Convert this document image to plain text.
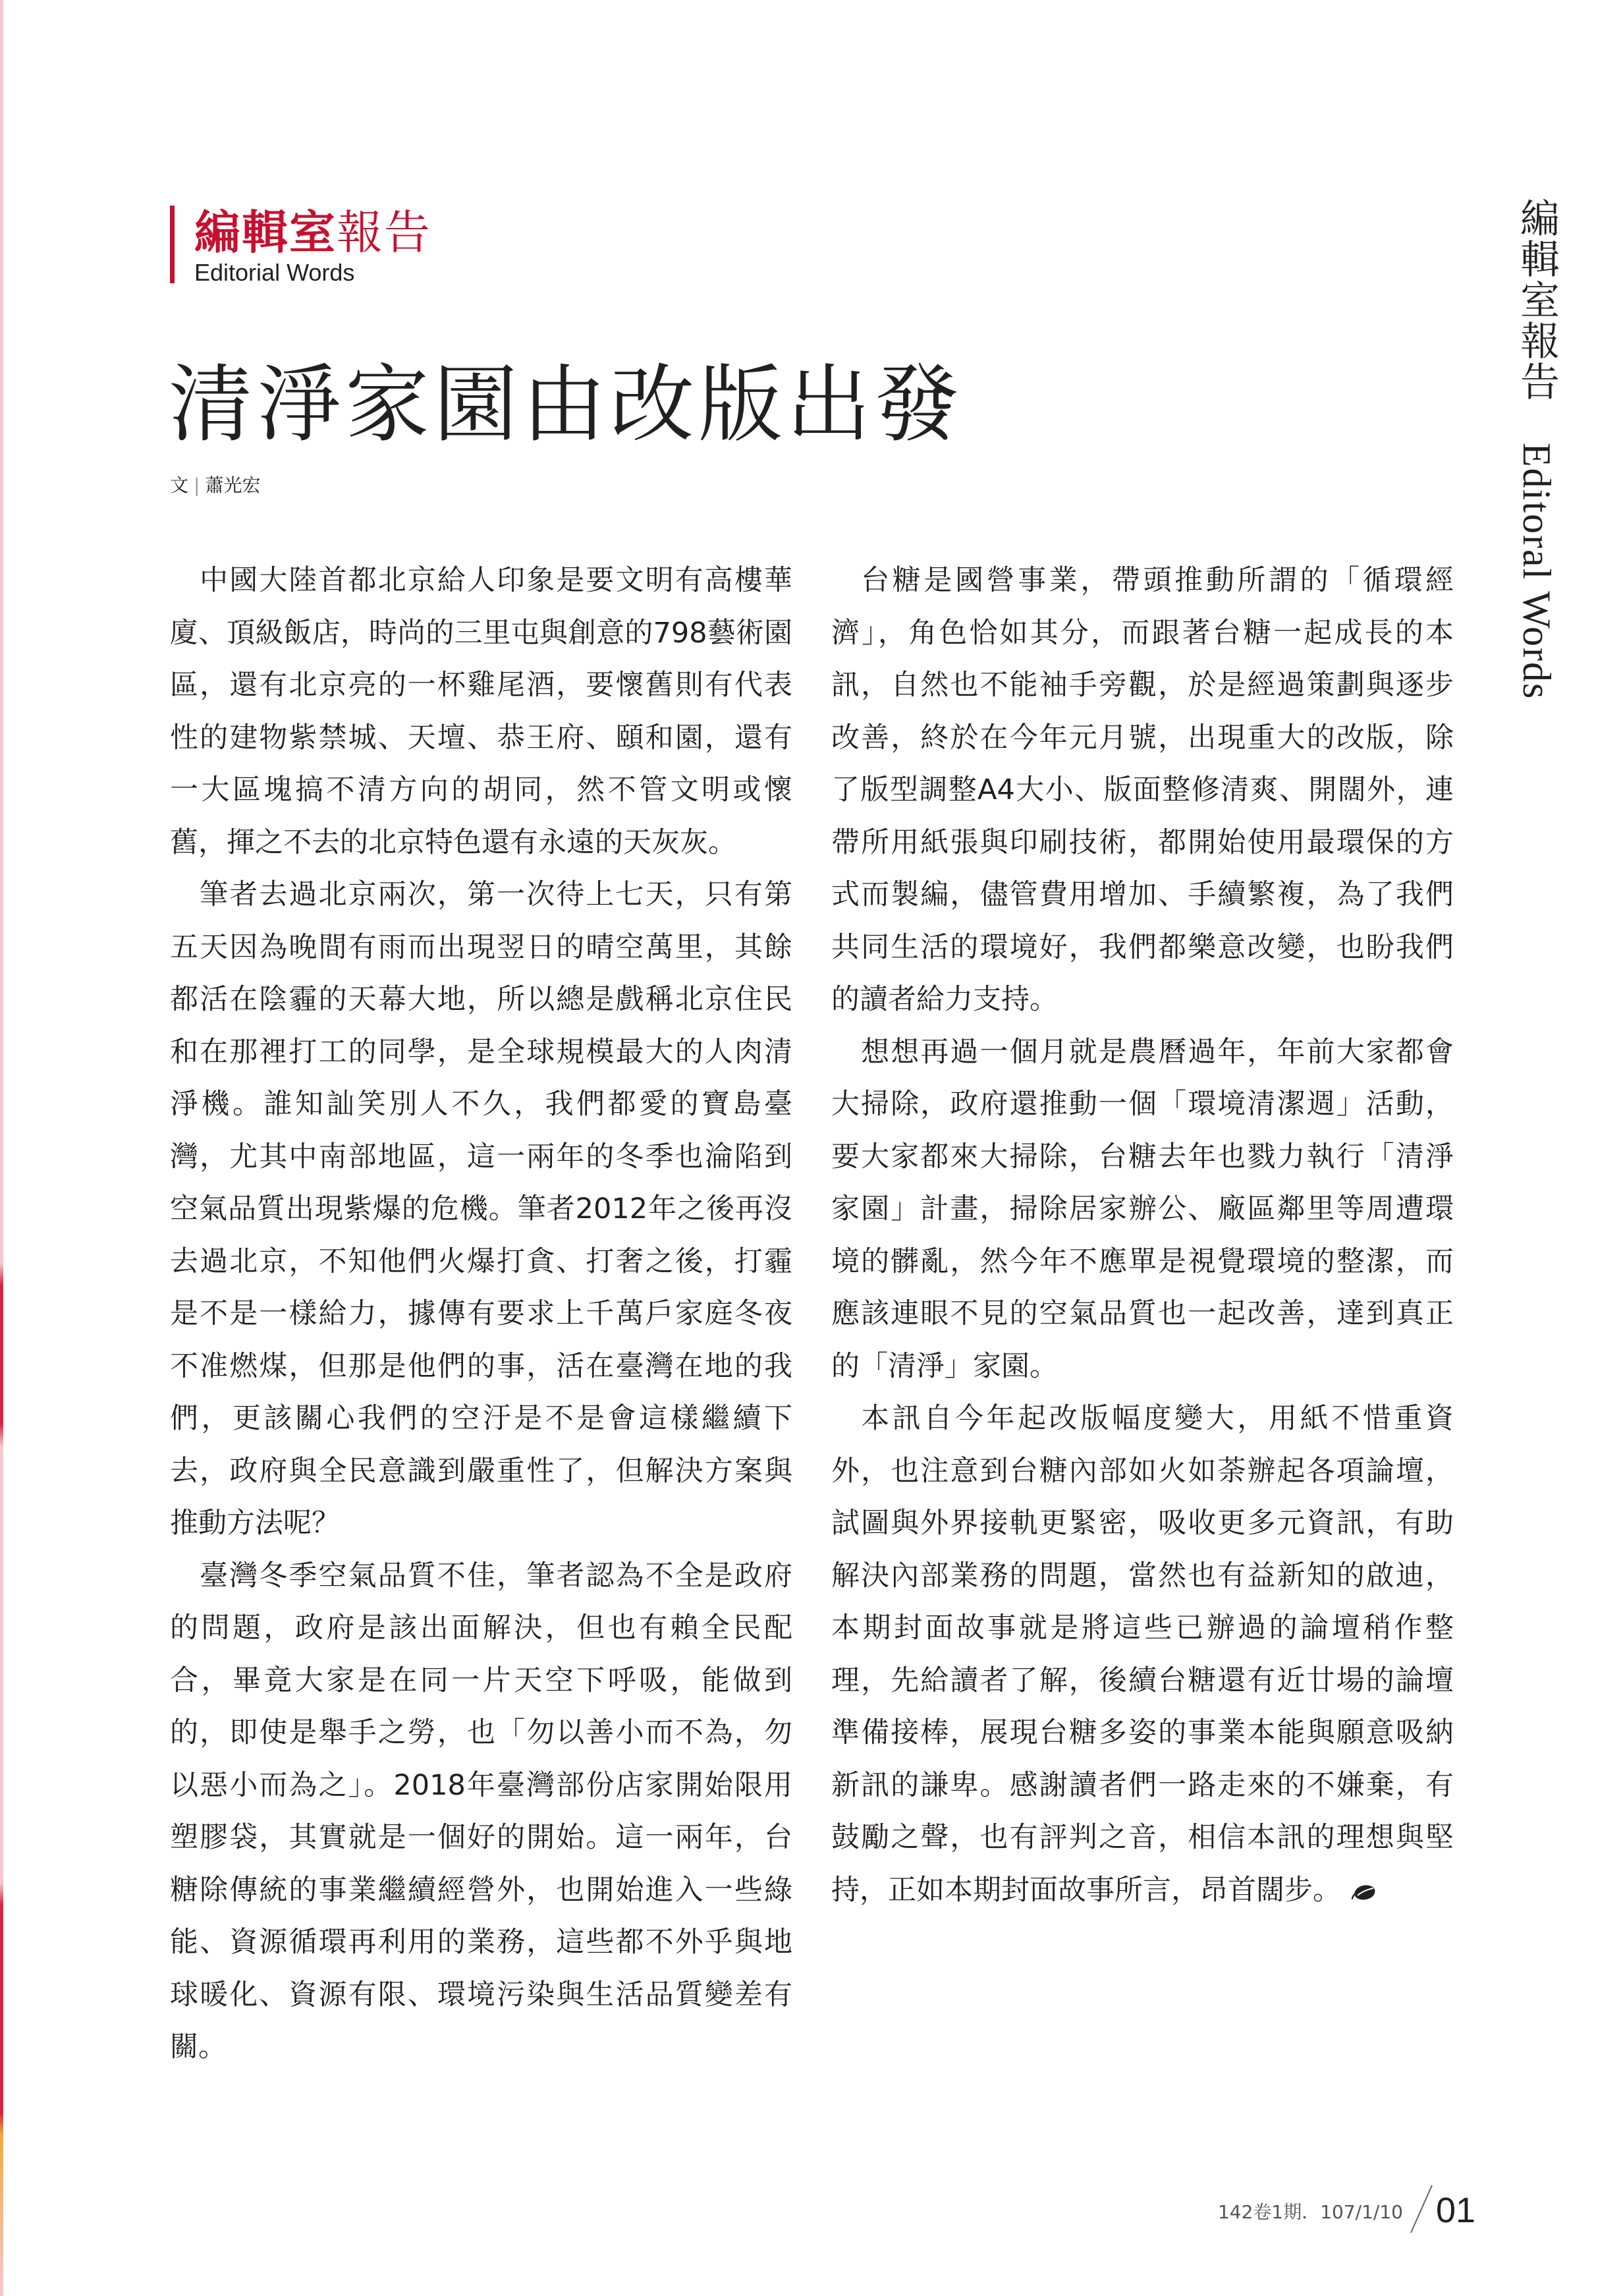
編輯室報告
Editorial Words
清淨家園由改版出發
文 | 蕭光宏

中國大陸首都北京給人印象是要文明有高樓華廈、頂級飯店，時尚的三里屯與創意的798藝術園區，還有北京亮的一杯雞尾酒，要懷舊則有代表性的建物紫禁城、天壇、恭王府、頤和園，還有一大區塊搞不清方向的胡同，然不管文明或懷舊，揮之不去的北京特色還有永遠的天灰灰。

筆者去過北京兩次，第一次待上七天，只有第五天因為晚間有雨而出現翌日的晴空萬里，其餘都活在陰霾的天幕大地，所以總是戲稱北京住民和在那裡打工的同學，是全球規模最大的人肉清淨機。誰知訕笑別人不久，我們都愛的寶島臺灣，尤其中南部地區，這一兩年的冬季也淪陷到空氣品質出現紫爆的危機。筆者2012年之後再沒去過北京，不知他們火爆打貪、打奢之後，打霾是不是一樣給力，據傳有要求上千萬戶家庭冬夜不准燃煤，但那是他們的事，活在臺灣在地的我們，更該關心我們的空汙是不是會這樣繼續下去，政府與全民意識到嚴重性了，但解決方案與推動方法呢？

臺灣冬季空氣品質不佳，筆者認為不全是政府的問題，政府是該出面解決，但也有賴全民配合，畢竟大家是在同一片天空下呼吸，能做到的，即使是舉手之勞，也「勿以善小而不為，勿以惡小而為之」。2018年臺灣部份店家開始限用塑膠袋，其實就是一個好的開始。這一兩年，台糖除傳統的事業繼續經營外，也開始進入一些綠能、資源循環再利用的業務，這些都不外乎與地球暖化、資源有限、環境污染與生活品質變差有關。

台糖是國營事業，帶頭推動所謂的「循環經濟」，角色恰如其分，而跟著台糖一起成長的本訊，自然也不能袖手旁觀，於是經過策劃與逐步改善，終於在今年元月號，出現重大的改版，除了版型調整A4大小、版面整修清爽、開闊外，連帶所用紙張與印刷技術，都開始使用最環保的方式而製編，儘管費用增加、手續繁複，為了我們共同生活的環境好，我們都樂意改變，也盼我們的讀者給力支持。

想想再過一個月就是農曆過年，年前大家都會大掃除，政府還推動一個「環境清潔週」活動，要大家都來大掃除，台糖去年也戮力執行「清淨家園」計畫，掃除居家辦公、廠區鄰里等周遭環境的髒亂，然今年不應單是視覺環境的整潔，而應該連眼不見的空氣品質也一起改善，達到真正的「清淨」家園。

本訊自今年起改版幅度變大，用紙不惜重資外，也注意到台糖內部如火如荼辦起各項論壇，試圖與外界接軌更緊密，吸收更多元資訊，有助解決內部業務的問題，當然也有益新知的啟迪，本期封面故事就是將這些已辦過的論壇稍作整理，先給讀者了解，後續台糖還有近廿場的論壇準備接棒，展現台糖多姿的事業本能與願意吸納新訊的謙卑。感謝讀者們一路走來的不嫌棄，有鼓勵之聲，也有評判之音，相信本訊的理想與堅持，正如本期封面故事所言，昂首闊步。

編輯室報告 Editoral Words
142卷1期．107/1/10 01
